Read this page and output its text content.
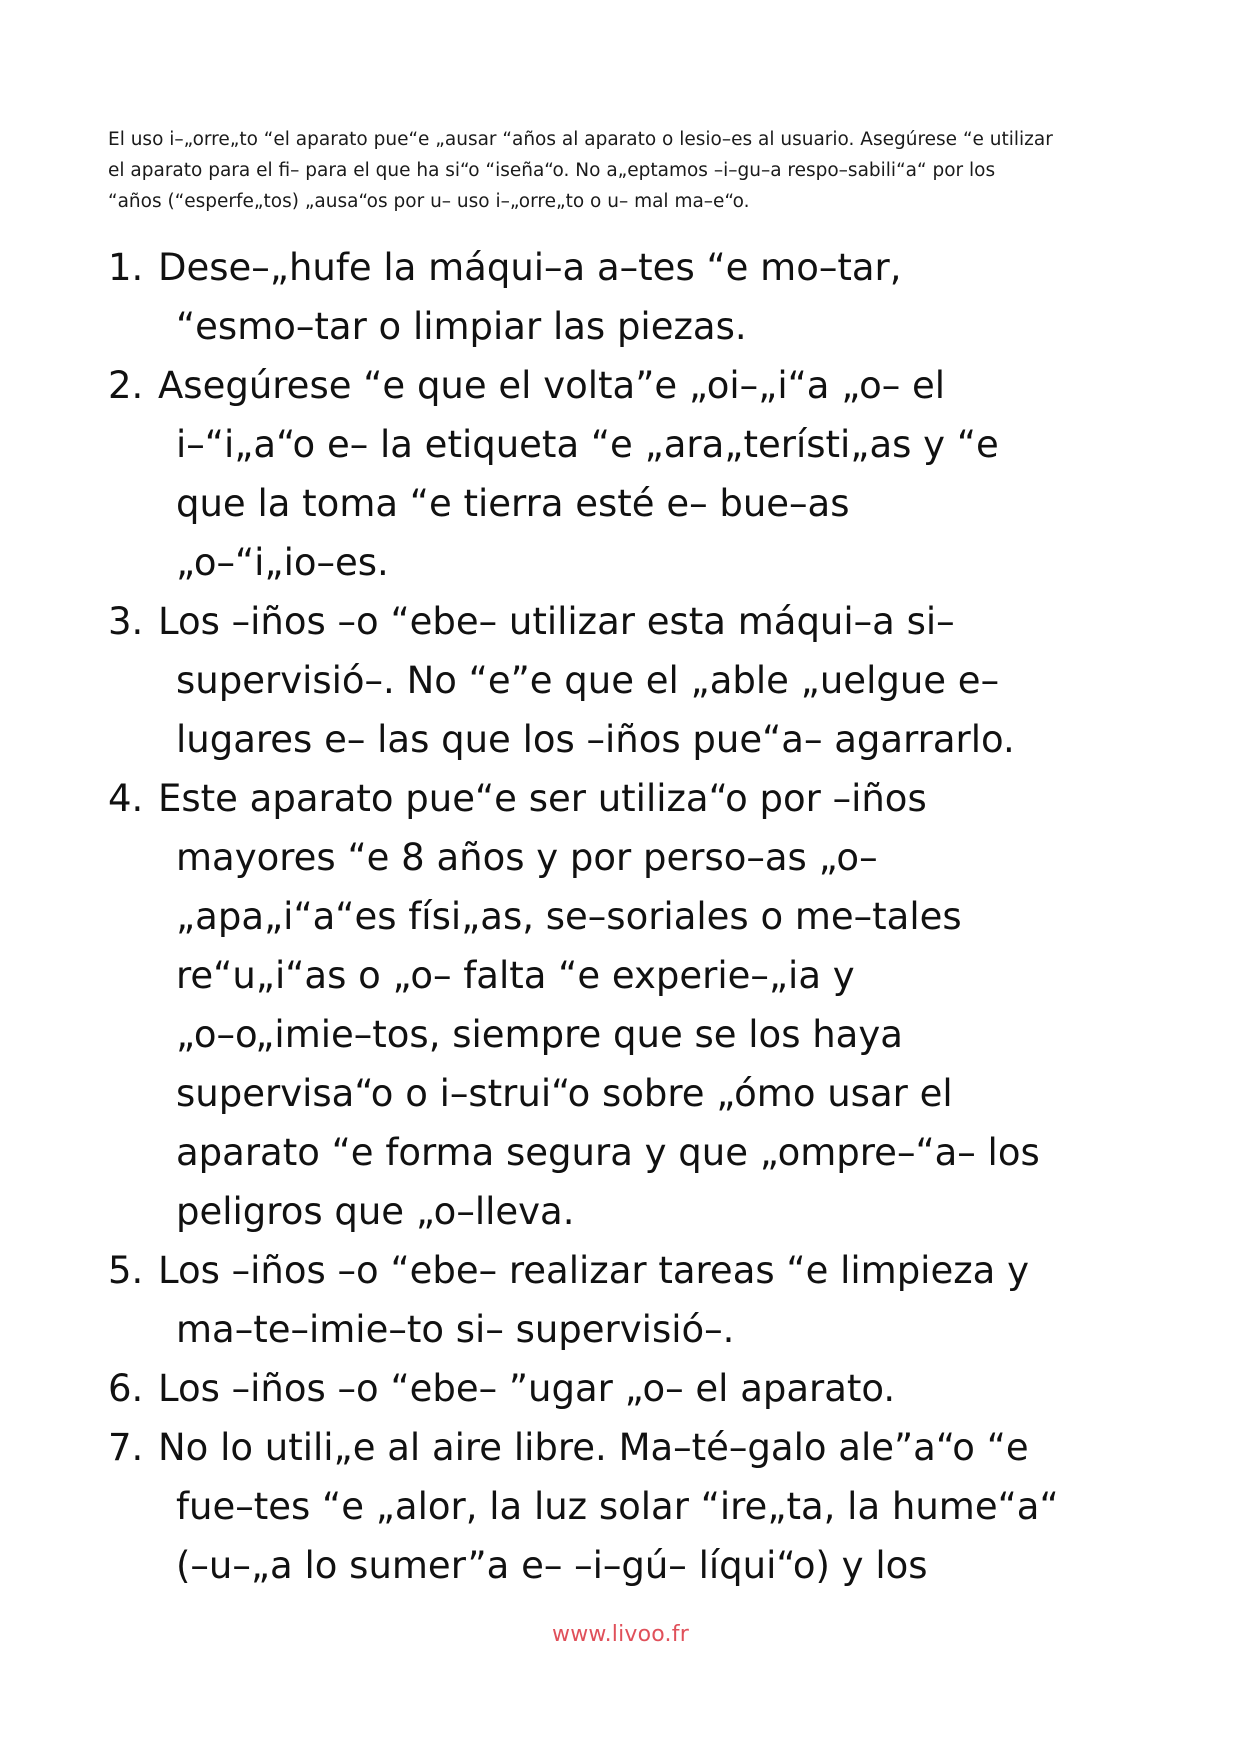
El uso i–„orre„to “el aparato pue“e „ausar “años al aparato o lesio–es al usuario. Asegúrese “e utilizar
el aparato para el fi– para el que ha si“o “iseña“o. No a„eptamos –i–gu–a respo–sabili“a“ por los
“años (“esperfe„tos) „ausa“os por u– uso i–„orre„to o u– mal ma–e“o.

1. Dese–„hufe la máqui–a a–tes “e mo–tar,
“esmo–tar o limpiar las piezas.
2. Asegúrese “e que el volta”e „oi–„i“a „o– el
i–“i„a“o e– la etiqueta “e „ara„terísti„as y “e
que la toma “e tierra esté e– bue–as
„o–“i„io–es.
3. Los –iños –o “ebe– utilizar esta máqui–a si–
supervisió–. No “e”e que el „able „uelgue e–
lugares e– las que los –iños pue“a– agarrarlo.
4. Este aparato pue“e ser utiliza“o por –iños
mayores “e 8 años y por perso–as „o–
„apa„i“a“es físi„as, se–soriales o me–tales
re“u„i“as o „o– falta “e experie–„ia y
„o–o„imie–tos, siempre que se los haya
supervisa“o o i–strui“o sobre „ómo usar el
aparato “e forma segura y que „ompre–“a– los
peligros que „o–lleva.
5. Los –iños –o “ebe– realizar tareas “e limpieza y
ma–te–imie–to si– supervisió–.
6. Los –iños –o “ebe– ”ugar „o– el aparato.
7. No lo utili„e al aire libre. Ma–té–galo ale”a“o “e
fue–tes “e „alor, la luz solar “ire„ta, la hume“a“
(–u–„a lo sumer”a e– –i–gú– líqui“o) y los
www.livoo.fr
